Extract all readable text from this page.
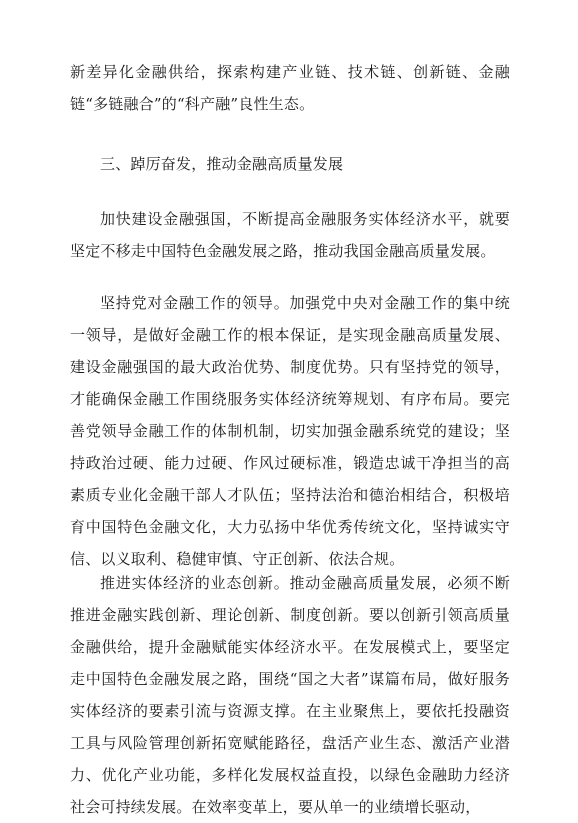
新差异化金融供给，探索构建产业链、技术链、创新链、金融链“多链融合”的“科产融”良性生态。

三、踔厉奋发，推动金融高质量发展

加快建设金融强国，不断提高金融服务实体经济水平，就要坚定不移走中国特色金融发展之路，推动我国金融高质量发展。

坚持党对金融工作的领导。加强党中央对金融工作的集中统一领导，是做好金融工作的根本保证，是实现金融高质量发展、建设金融强国的最大政治优势、制度优势。只有坚持党的领导，才能确保金融工作围绕服务实体经济统筹规划、有序布局。要完善党领导金融工作的体制机制，切实加强金融系统党的建设；坚持政治过硬、能力过硬、作风过硬标准，锻造忠诚干净担当的高素质专业化金融干部人才队伍；坚持法治和德治相结合，积极培育中国特色金融文化，大力弘扬中华优秀传统文化，坚持诚实守信、以义取利、稳健审慎、守正创新、依法合规。

推进实体经济的业态创新。推动金融高质量发展，必须不断推进金融实践创新、理论创新、制度创新。要以创新引领高质量金融供给，提升金融赋能实体经济水平。在发展模式上，要坚定走中国特色金融发展之路，围绕“国之大者”谋篇布局，做好服务实体经济的要素引流与资源支撑。在主业聚焦上，要依托投融资工具与风险管理创新拓宽赋能路径，盘活产业生态、激活产业潜力、优化产业功能，多样化发展权益直投，以绿色金融助力经济社会可持续发展。在效率变革上，要从单一的业绩增长驱动，
